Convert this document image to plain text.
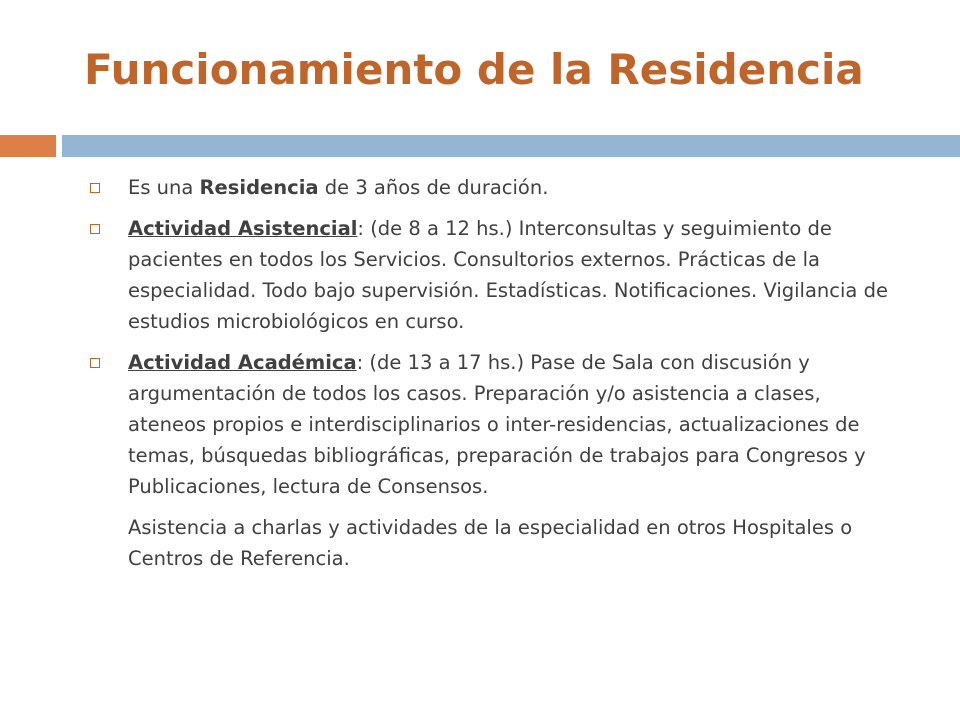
Funcionamiento de la Residencia
Es una Residencia de 3 años de duración.
Actividad Asistencial: (de 8 a 12 hs.) Interconsultas y seguimiento de pacientes en todos los Servicios. Consultorios externos. Prácticas de la especialidad. Todo bajo supervisión. Estadísticas. Notificaciones. Vigilancia de estudios microbiológicos en curso.
Actividad Académica: (de 13 a 17 hs.) Pase de Sala con discusión y argumentación de todos los casos. Preparación y/o asistencia a clases, ateneos propios e interdisciplinarios o inter-residencias, actualizaciones de temas, búsquedas bibliográficas, preparación de trabajos para Congresos y Publicaciones, lectura de Consensos.
Asistencia a charlas y actividades de la especialidad en otros Hospitales o Centros de Referencia.
